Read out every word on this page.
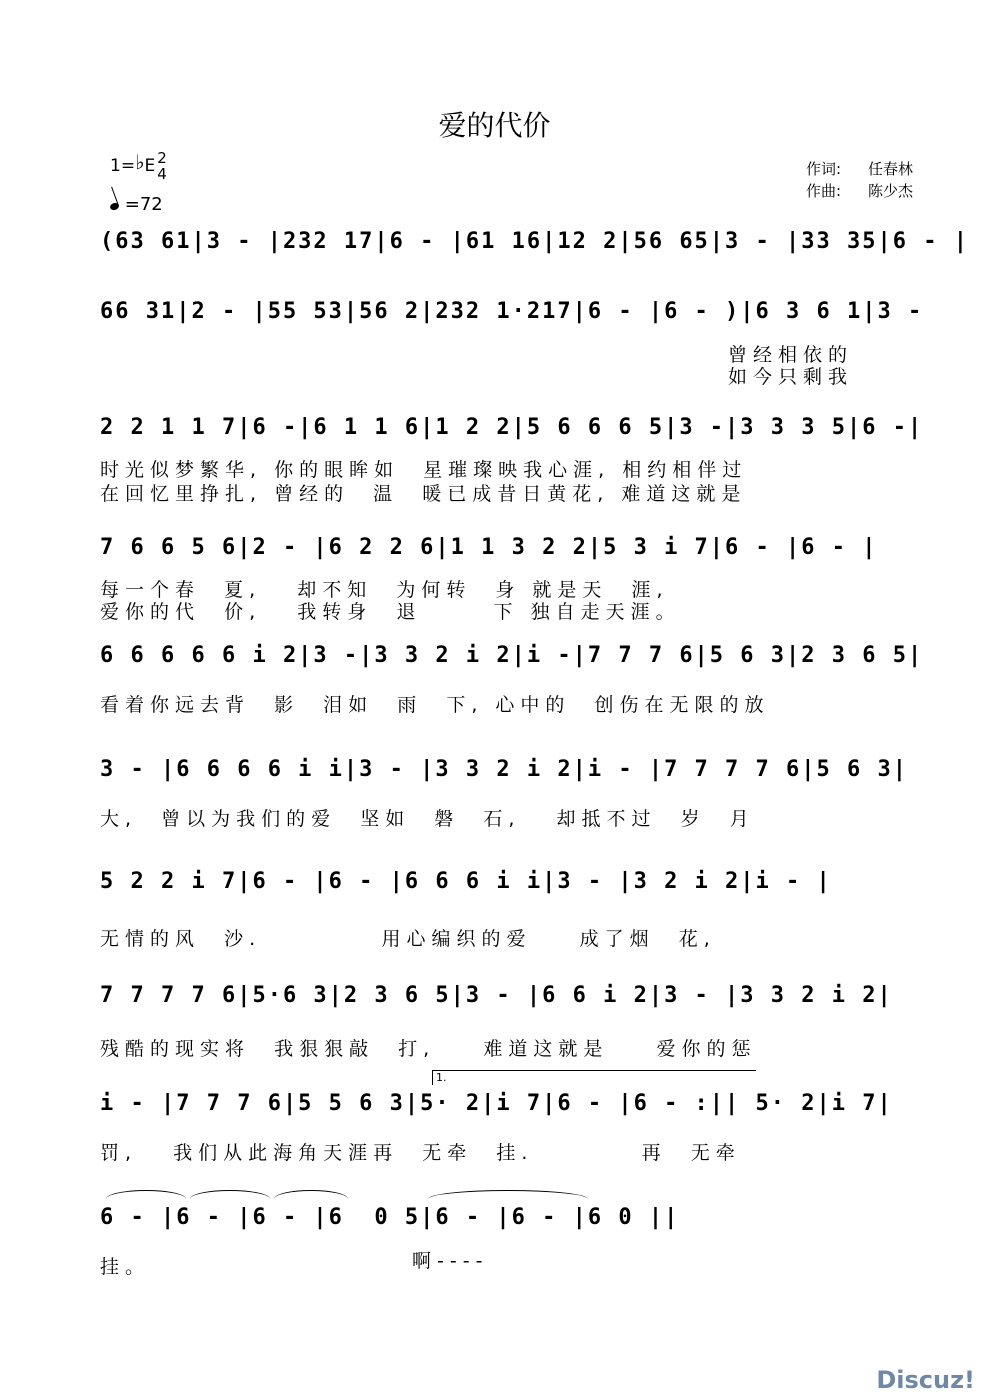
爱的代价
1=♭E 2
4
=72
作词: 任春林
作曲: 陈少杰
(63 61|3 - |232 17|6 - |61 16|12 2|56 65|3 - |33 35|6 - |
66 31|2 - |55 53|56 2|232 1·217|6 - |6 - )|6 3 6 1|3 -
曾经相依的
如今只剩我
2 2 1 1 7|6 -|6 1 1 6|1 2 2|5 6 6 6 5|3 -|3 3 3 5|6 -|
时光似梦繁华, 你的眼眸如  星璀璨映我心涯, 相约相伴过
在回忆里挣扎, 曾经的  温  暖已成昔日黄花, 难道这就是
7 6 6 5 6|2 - |6 2 2 6|1 1 3 2 2|5 3 i 7|6 - |6 - |
每一个春  夏,   却不知  为何转  身 就是天  涯,
爱你的代  价,   我转身  退      下 独自走天涯。
6 6 6 6 6 i 2|3 -|3 3 2 i 2|i -|7 7 7 6|5 6 3|2 3 6 5|
看着你远去背  影  泪如  雨  下, 心中的  创伤在无限的放
3 - |6 6 6 6 i i|3 - |3 3 2 i 2|i - |7 7 7 7 6|5 6 3|
大,  曾以为我们的爱  坚如  磐  石,   却抵不过  岁  月
5 2 2 i 7|6 - |6 - |6 6 6 i i|3 - |3 2 i 2|i - |
无情的风  沙.          用心编织的爱    成了烟  花,
7 7 7 7 6|5·6 3|2 3 6 5|3 - |6 6 i 2|3 - |3 3 2 i 2|
残酷的现实将  我狠狠敲  打,    难道这就是    爱你的惩
1.
i - |7 7 7 6|5 5 6 3|5· 2|i 7|6 - |6 - :|| 5· 2|i 7|
罚,   我们从此海角天涯再  无牵  挂.         再  无牵
6 - |6 - |6 - |6  0 5|6 - |6 - |6 0 ||
挂。	啊----
Discuz!
